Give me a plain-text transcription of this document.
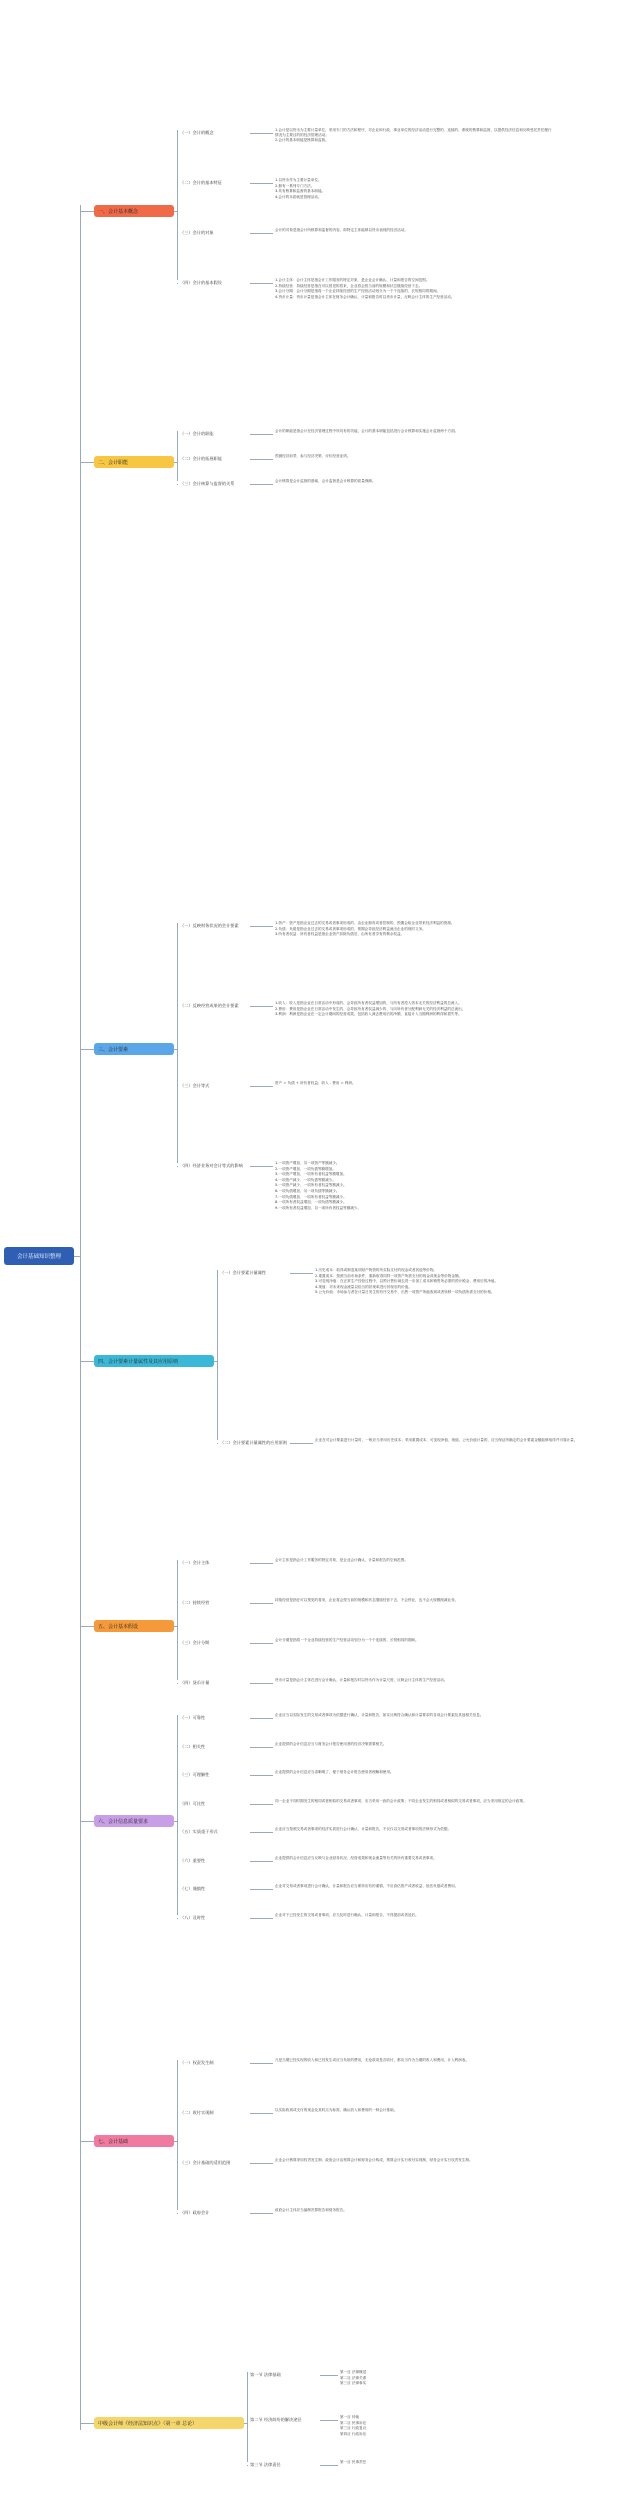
会计基础知识整理
一、会计基本概念
（一）会计的概念	1.会计是以货币为主要计量单位，采用专门的方法和程序，对企业和行政、事业单位的经济活动进行完整的、连续的、系统的核算和监督，以提供经济信息和反映受托责任履行情况为主要目的的经济管理活动。

2.会计的基本职能是核算和监督。

（二）会计的基本特征	1.以货币作为主要计量单位。

2.拥有一系列专门方法。

3.具有核算和监督的基本职能。

4.会计的本质就是管理活动。

（三）会计的对象	会计的对象是指会计所核算和监督的内容，即特定主体能够以货币表现的经济活动。

（四）会计的基本假设	1.会计主体：会计主体是指会计工作服务的特定对象，是企业会计确认、计量和报告的空间范围。

2.持续经营：持续经营是指在可以预见的将来，企业将会按当前的规模和状态继续经营下去。

3.会计分期：会计分期是指将一个企业持续经营的生产经营活动划分为一个个连续的、长短相同的期间。

4.货币计量：货币计量是指会计主体在财务会计确认、计量和报告时以货币计量，反映会计主体的生产经营活动。

二、会计职能
（一）会计的职能	会计的职能是指会计在经济管理过程中所具有的功能，会计的基本职能包括进行会计核算和实施会计监督两个方面。

（二）会计的拓展职能	预测经济前景、参与经济决策、评价经营业绩。

（三）会计核算与监督的关系	会计核算是会计监督的基础，会计监督是会计核算的质量保障。

三、会计要素
（一）反映财务状况的会计要素	1.资产：资产是指企业过去的交易或者事项形成的、由企业拥有或者控制的、预期会给企业带来经济利益的资源。

2.负债：负债是指企业过去的交易或者事项形成的、预期会导致经济利益流出企业的现时义务。

3.所有者权益：所有者权益是指企业资产扣除负债后，由所有者享有的剩余权益。

（二）反映经营成果的会计要素	1.收入：收入是指企业在日常活动中形成的、会导致所有者权益增加的、与所有者投入资本无关的经济利益的总流入。

2.费用：费用是指企业在日常活动中发生的、会导致所有者权益减少的、与向所有者分配利润无关的经济利益的总流出。

3.利润：利润是指企业在一定会计期间的经营成果，包括收入减去费用后的净额、直接计入当期利润的利得和损失等。

（三）会计等式	资产 = 负债 + 所有者权益；收入 - 费用 = 利润。

（四）经济业务对会计等式的影响	1.一项资产增加、另一项资产等额减少。

2.一项资产增加、一项负债等额增加。

3.一项资产增加、一项所有者权益等额增加。

4.一项资产减少、一项负债等额减少。

5.一项资产减少、一项所有者权益等额减少。

6.一项负债增加、另一项负债等额减少。

7.一项负债增加、一项所有者权益等额减少。

8.一项所有者权益增加、一项负债等额减少。

9.一项所有者权益增加、另一项所有者权益等额减少。

四、会计要素计量属性及其应用原则
（一）会计要素计量属性	1.历史成本：取得或制造某项财产物资时所实际支付的现金或者其他等价物。

2.重置成本：按照当前市场条件，重新取得同样一项资产所需支付的现金或现金等价物金额。

3.可变现净值：在正常生产经营过程中，以预计售价减去进一步加工成本和销售所必需的预计税金、费用后的净值。

4.现值：对未来现金流量以恰当的折现率进行折现后的价值。

5.公允价值：市场参与者在计量日发生的有序交易中，出售一项资产所能收到或者转移一项负债所需支付的价格。

（二）会计要素计量属性的应用原则	企业在对会计要素进行计量时，一般应当采用历史成本；采用重置成本、可变现净值、现值、公允价值计量的，应当保证所确定的会计要素金额能够取得并可靠计量。

五、会计基本假设
（一）会计主体	会计主体是指会计工作服务的特定对象，是企业会计确认、计量和报告的空间范围。

（二）持续经营	持续经营是指在可以预见的将来，企业将会按当前的规模和状态继续经营下去，不会停业，也不会大规模削减业务。

（三）会计分期	会计分期是指将一个企业持续经营的生产经营活动划分为一个个连续的、长短相同的期间。

（四）货币计量	货币计量是指会计主体在进行会计确认、计量和报告时以货币作为计量尺度，反映会计主体的生产经营活动。

六、会计信息质量要求
（一）可靠性	企业应当以实际发生的交易或者事项为依据进行确认、计量和报告，如实反映符合确认和计量要求的各项会计要素及其他相关信息。

（二）相关性	企业提供的会计信息应当与财务会计报告使用者的经济决策需要相关。

（三）可理解性	企业提供的会计信息应当清晰明了，便于财务会计报告使用者理解和使用。

（四）可比性	同一企业不同时期发生的相同或者相似的交易或者事项，应当采用一致的会计政策；不同企业发生的相同或者相似的交易或者事项，应当采用规定的会计政策。

（五）实质重于形式	企业应当按照交易或者事项的经济实质进行会计确认、计量和报告，不仅仅以交易或者事项的法律形式为依据。

（六）重要性	企业提供的会计信息应当反映与企业财务状况、经营成果和现金流量等有关的所有重要交易或者事项。

（七）谨慎性	企业对交易或者事项进行会计确认、计量和报告应当保持应有的谨慎，不应高估资产或者收益、低估负债或者费用。

（八）及时性	企业对于已经发生的交易或者事项，应当及时进行确认、计量和报告，不得提前或者延后。

七、会计基础
（一）权责发生制	凡是当期已经实现的收入和已经发生或应当负担的费用，无论款项是否收付，都应当作为当期的收入和费用，计入利润表。

（二）收付实现制	以实际收到或支付的现金及其时点为标准，确认收入和费用的一种会计基础。

（三）会计基础的适用范围	企业会计核算采用权责发生制；政府会计由预算会计和财务会计构成，预算会计实行收付实现制，财务会计实行权责发生制。

（四）政府会计	政府会计主体应当编制决算报告和财务报告。

中级会计师《经济法知识点》（第一章 总论）
第一节 法律基础	第一目 法律概述

第二目 法律关系

第三目 法律事实

第二节 经济纠纷的解决途径	第一目 仲裁

第二目 民事诉讼

第三目 行政复议

第四目 行政诉讼

第三节 法律责任	第一目 民事责任
